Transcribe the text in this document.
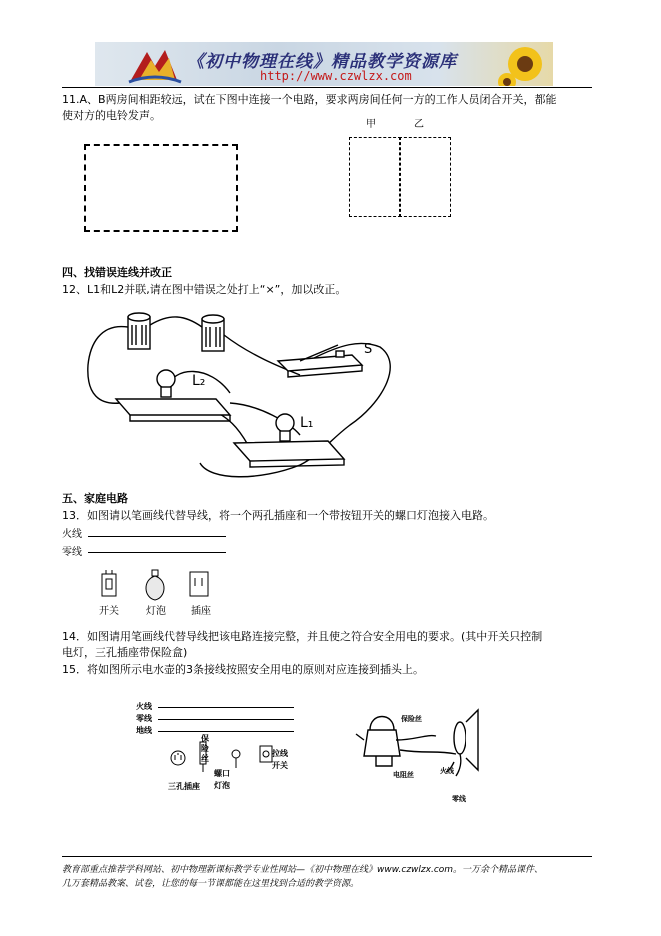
《初中物理在线》精品教学资源库
http://www.czwlzx.com
11.A、B两房间相距较远，试在下图中连接一个电路，要求两房间任何一方的工作人员闭合开关，都能
使对方的电铃发声。
甲	乙
四、找错误连线并改正
12、L1和L2并联,请在图中错误之处打上“×”，加以改正。
S
L₂
L₁
五、家庭电路
13．如图请以笔画线代替导线，将一个两孔插座和一个带按钮开关的螺口灯泡接入电路。
火线
零线
开关	灯泡	插座
14．如图请用笔画线代替导线把该电路连接完整，并且使之符合安全用电的要求。(其中开关只控制
电灯，三孔插座带保险盒)
15．将如图所示电水壶的3条接线按照安全用电的原则对应连接到插头上。
火线
零线
地线
保险丝
三孔插座
螺口灯泡
拉线开关
保险丝
电阻丝	火线
零线
教育部重点推荐学科网站、初中物理新课标教学专业性网站—《初中物理在线》www.czwlzx.com。一万余个精品课件、
几万套精品教案、试卷，让您的每一节课都能在这里找到合适的教学资源。
